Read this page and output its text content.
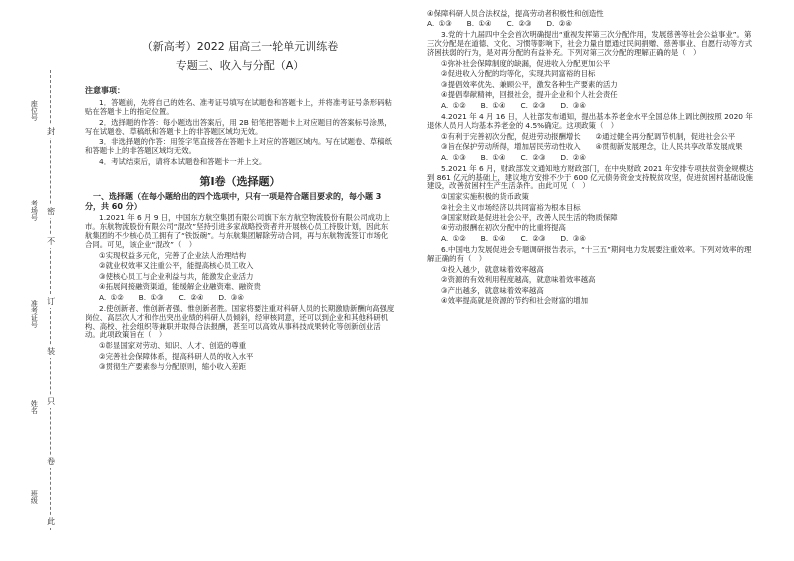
封
密
不
订
装
只
卷
此
座位号
考场号
准考证号
姓名
班级
（新高考）2022 届高三一轮单元训练卷
专题三、收入与分配（A）
注意事项：

1．答题前，先将自己的姓名、准考证号填写在试题卷和答题卡上，并将准考证号条形码粘贴在答题卡上的指定位置。

2．选择题的作答：每小题选出答案后，用 2B 铅笔把答题卡上对应题目的答案标号涂黑，写在试题卷、草稿纸和答题卡上的非答题区域均无效。

3．非选择题的作答：用签字笔直接答在答题卡上对应的答题区域内。写在试题卷、草稿纸和答题卡上的非答题区域均无效。

4．考试结束后，请将本试题卷和答题卡一并上交。

第Ⅰ卷（选择题）
一、选择题（在每小题给出的四个选项中，只有一项是符合题目要求的，每小题 3 分，共 60 分）

1.2021 年 6 月 9 日，中国东方航空集团有限公司旗下东方航空物流股份有限公司成功上市。东航物流股份有限公司“混改”坚持引进多家战略投资者并开展核心员工持股计划，因此东航集团的不少核心员工拥有了“铁饭碗”。与东航集团解除劳动合同，再与东航物流签订市场化合同。可见，该企业“混改”（　）

①实现权益多元化，完善了企业法人治理结构
②就业权效率又注重公平，能提高核心员工收入
③使核心员工与企业利益与共，能激发企业活力
④拓展间接融资渠道，能缓解企业融资难、融资贵
A. ①②　　B. ①③　　C. ②④　　D. ③④

2.使创新者、惟创新者强、惟创新者胜。国家将要注重对科研人员的长期激励新酬向高强度岗位、高层次人才和作出突出业绩的科研人员倾斜，经审核同意，还可以到企业和其他科研机构、高校、社会组织等兼职并取得合法报酬，甚至可以高效从事科技成果转化等创新创业活动。此项政策旨在（　）

①彰显国家对劳动、知识、人才、创造的尊重
②完善社会保障体系，提高科研人员的收入水平
③贯彻生产要素参与分配原则，缩小收入差距
④保障科研人员合法权益，提高劳动者积极性和创造性
A. ①③　　B. ①④　　C. ②③　　D. ②④

3.党的十九届四中全会首次明确提出“重视发挥第三次分配作用，发展慈善等社会公益事业”。第三次分配是在道德、文化、习惯等影响下，社会力量自愿通过民间捐赠、慈善事业、自愿行动等方式济困扶弱的行为，是对再分配的有益补充。下列对第三次分配的理解正确的是（　）

①弥补社会保障制度的缺漏，促进收入分配更加公平
②促进收入分配的均等化，实现共同富裕的目标
③提倡效率优先、兼顾公平，激发各种生产要素的活力
④提倡奉献精神，回报社会，提升企业和个人社会责任
A. ①②　　B. ①④　　C. ②③　　D. ③④

4.2021 年 4 月 16 日，人社部发布通知，提出基本养老金水平全国总体上调比例按照 2020 年退休人员月人均基本养老金的 4.5%确定。这项政策（　）

①有利于完善初次分配，促进劳动报酬增长　　②通过健全再分配调节机制，促进社会公平
③旨在保护劳动所得，增加居民劳动性收入　　④贯彻新发展理念，让人民共享改革发展成果
A. ①③　　B. ①④　　C. ②③　　D. ②④

5.2021 年 6 月，财政部发文通知地方财政部门，在中央财政 2021 年安排专项扶贫资金规模达到 861 亿元的基础上，建议地方安排不少于 600 亿元债务资金支持脱贫攻坚，促进贫困村基础设施建设，改善贫困村生产生活条件。由此可见（　）

①国家实施积极的货币政策
②社会主义市场经济以共同富裕为根本目标
③国家财政是促进社会公平，改善人民生活的物质保障
④劳动报酬在初次分配中的比重将提高
A. ①②　　B. ①④　　C. ②③　　D. ③④

6.中国电力发展促进会专题调研报告表示，“十三五”期间电力发展要注重效率。下列对效率的理解正确的有（　）

①投入越少，就意味着效率越高
②资源的有效利用程度越高，就意味着效率越高
③产出越多，就意味着效率越高
④效率提高就是资源的节约和社会财富的增加
